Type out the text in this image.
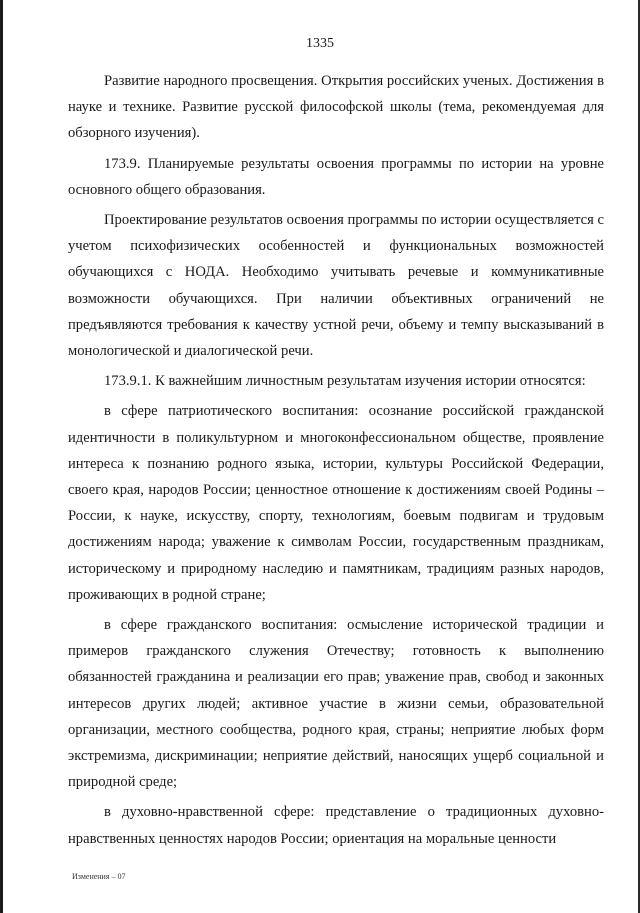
1335

Развитие народного просвещения. Открытия российских ученых. Достижения в науке и технике. Развитие русской философской школы (тема, рекомендуемая для обзорного изучения).

173.9. Планируемые результаты освоения программы по истории на уровне основного общего образования.

Проектирование результатов освоения программы по истории осуществляется с учетом психофизических особенностей и функциональных возможностей обучающихся с НОДА. Необходимо учитывать речевые и коммуникативные возможности обучающихся. При наличии объективных ограничений не предъявляются требования к качеству устной речи, объему и темпу высказываний в монологической и диалогической речи.

173.9.1. К важнейшим личностным результатам изучения истории относятся:

в сфере патриотического воспитания: осознание российской гражданской идентичности в поликультурном и многоконфессиональном обществе, проявление интереса к познанию родного языка, истории, культуры Российской Федерации, своего края, народов России; ценностное отношение к достижениям своей Родины – России, к науке, искусству, спорту, технологиям, боевым подвигам и трудовым достижениям народа; уважение к символам России, государственным праздникам, историческому и природному наследию и памятникам, традициям разных народов, проживающих в родной стране;

в сфере гражданского воспитания: осмысление исторической традиции и примеров гражданского служения Отечеству; готовность к выполнению обязанностей гражданина и реализации его прав; уважение прав, свобод и законных интересов других людей; активное участие в жизни семьи, образовательной организации, местного сообщества, родного края, страны; неприятие любых форм экстремизма, дискриминации; неприятие действий, наносящих ущерб социальной и природной среде;

в духовно-нравственной сфере: представление о традиционных духовно-нравственных ценностях народов России; ориентация на моральные ценности

Изменения – 07
